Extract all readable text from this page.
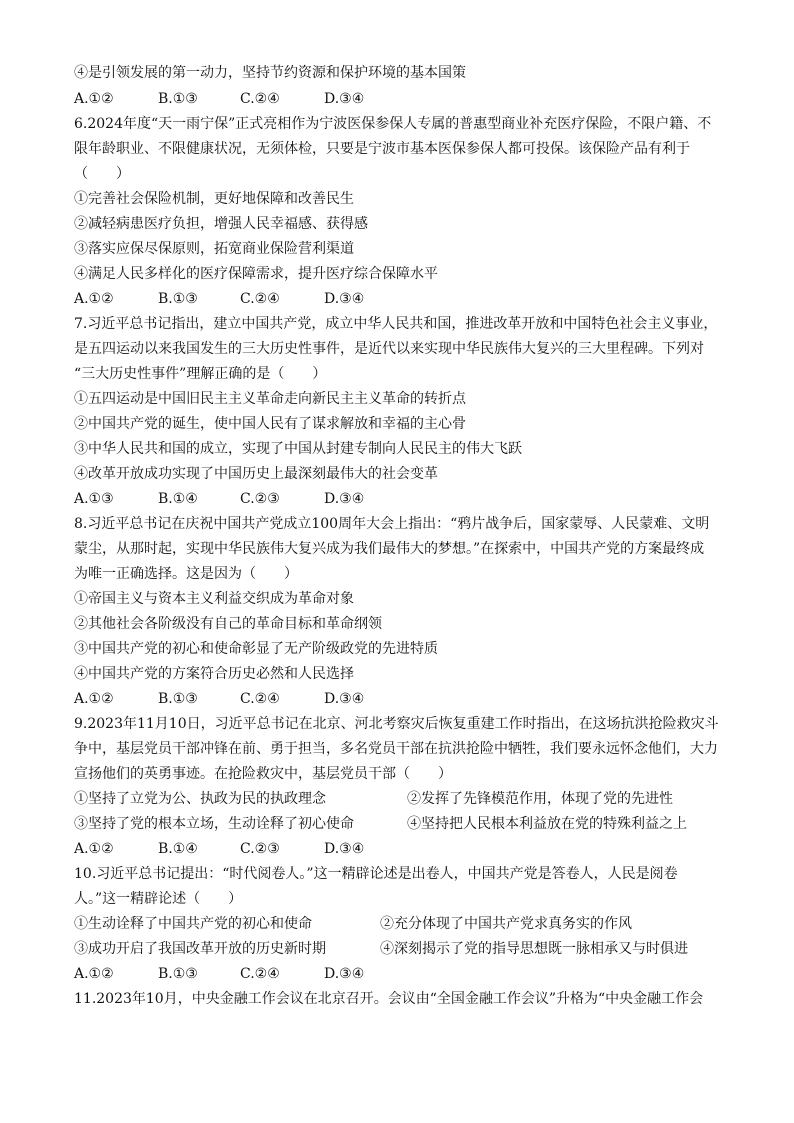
④是引领发展的第一动力，坚持节约资源和保护环境的基本国策
A.①②	B.①③	C.②④	D.③④
6.2024年度“天一雨宁保”正式亮相作为宁波医保参保人专属的普惠型商业补充医疗保险，不限户籍、不
限年龄职业、不限健康状况，无须体检，只要是宁波市基本医保参保人都可投保。该保险产品有利于
（　　）
①完善社会保险机制，更好地保障和改善民生
②减轻病患医疗负担，增强人民幸福感、获得感
③落实应保尽保原则，拓宽商业保险营利渠道
④满足人民多样化的医疗保障需求，提升医疗综合保障水平
A.①②	B.①③	C.②④	D.③④
7.习近平总书记指出，建立中国共产党，成立中华人民共和国，推进改革开放和中国特色社会主义事业，
是五四运动以来我国发生的三大历史性事件，是近代以来实现中华民族伟大复兴的三大里程碑。下列对
“三大历史性事件”理解正确的是（　　）
①五四运动是中国旧民主主义革命走向新民主主义革命的转折点
②中国共产党的诞生，使中国人民有了谋求解放和幸福的主心骨
③中华人民共和国的成立，实现了中国从封建专制向人民民主的伟大飞跃
④改革开放成功实现了中国历史上最深刻最伟大的社会变革
A.①③	B.①④	C.②③	D.③④
8.习近平总书记在庆祝中国共产党成立100周年大会上指出：“鸦片战争后，国家蒙辱、人民蒙难、文明
蒙尘，从那时起，实现中华民族伟大复兴成为我们最伟大的梦想。”在探索中，中国共产党的方案最终成
为唯一正确选择。这是因为（　　）
①帝国主义与资本主义利益交织成为革命对象
②其他社会各阶级没有自己的革命目标和革命纲领
③中国共产党的初心和使命彰显了无产阶级政党的先进特质
④中国共产党的方案符合历史必然和人民选择
A.①②	B.①③	C.②④	D.③④
9.2023年11月10日，习近平总书记在北京、河北考察灾后恢复重建工作时指出，在这场抗洪抢险救灾斗
争中，基层党员干部冲锋在前、勇于担当，多名党员干部在抗洪抢险中牺牲，我们要永远怀念他们，大力
宣扬他们的英勇事迹。在抢险救灾中，基层党员干部（　　）
①坚持了立党为公、执政为民的执政理念	②发挥了先锋模范作用，体现了党的先进性
③坚持了党的根本立场，生动诠释了初心使命	④坚持把人民根本利益放在党的特殊利益之上
A.①②	B.①④	C.②③	D.③④
10.习近平总书记提出：“时代阅卷人。”这一精辟论述是出卷人，中国共产党是答卷人，人民是阅卷
人。”这一精辟论述（　　）
①生动诠释了中国共产党的初心和使命	②充分体现了中国共产党求真务实的作风
③成功开启了我国改革开放的历史新时期	④深刻揭示了党的指导思想既一脉相承又与时俱进
A.①②	B.①③	C.②④	D.③④
11.2023年10月，中央金融工作会议在北京召开。会议由“全国金融工作会议”升格为“中央金融工作会
